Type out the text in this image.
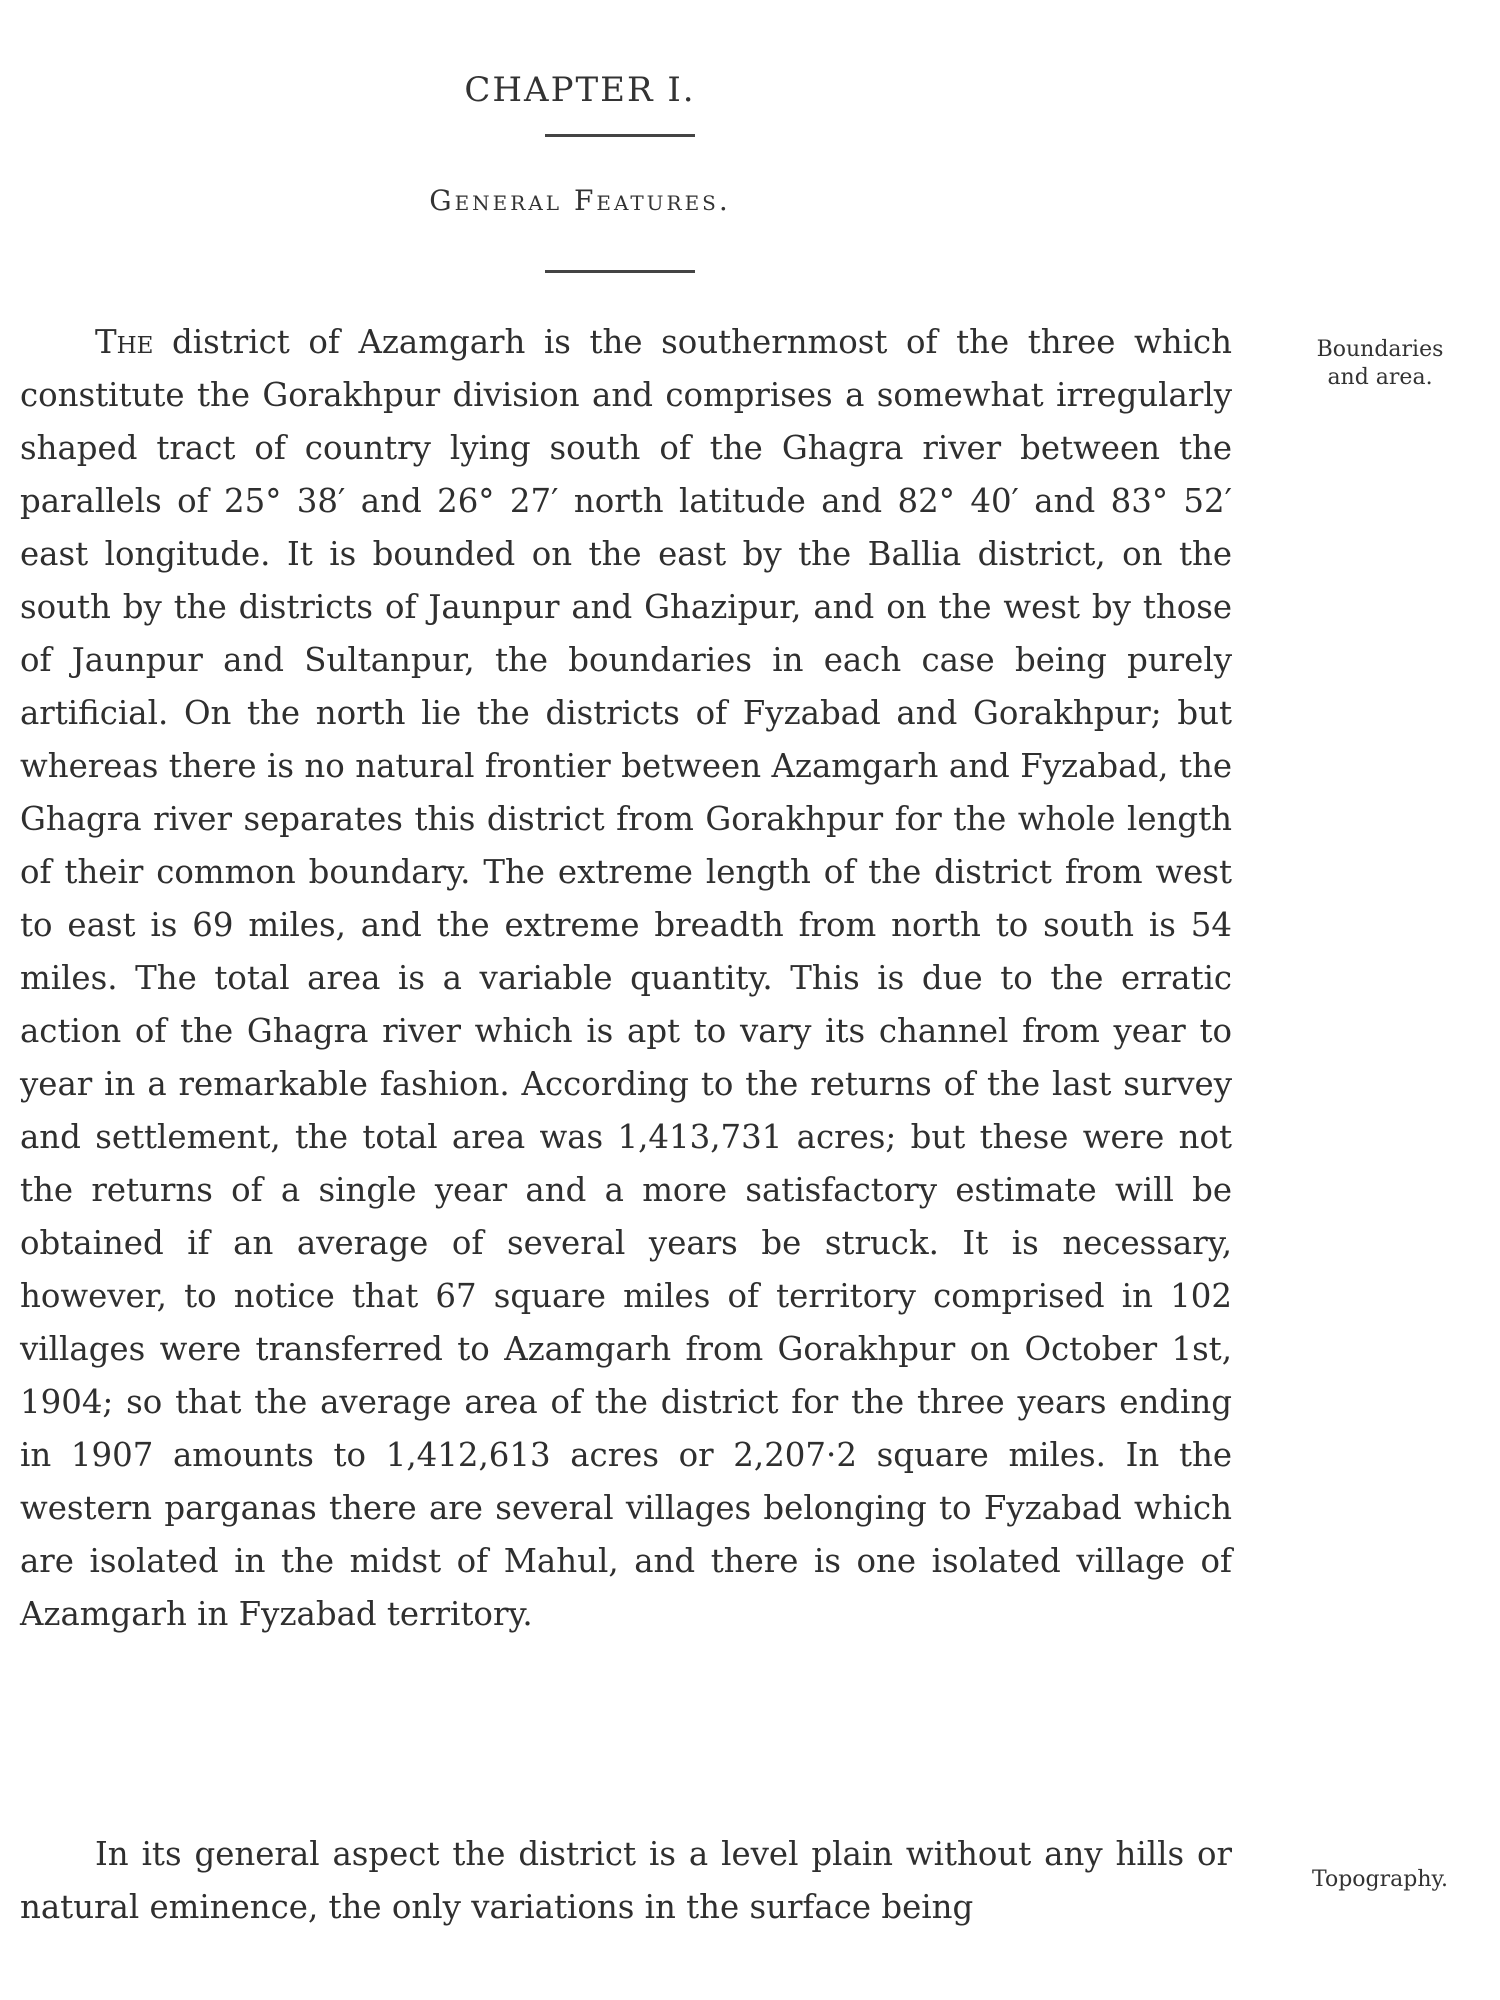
CHAPTER I.
General Features.
Boundaries
and area.

The district of Azamgarh is the southernmost of the three which constitute the Gorakhpur division and comprises a somewhat irregularly shaped tract of country lying south of the Ghagra river between the parallels of 25° 38′ and 26° 27′ north latitude and 82° 40′ and 83° 52′ east longitude. It is bounded on the east by the Ballia district, on the south by the districts of Jaunpur and Ghazipur, and on the west by those of Jaunpur and Sultanpur, the boundaries in each case being purely artificial. On the north lie the districts of Fyzabad and Gorakhpur; but whereas there is no natural frontier between Azamgarh and Fyzabad, the Ghagra river separates this district from Gorakhpur for the whole length of their common boundary. The extreme length of the district from west to east is 69 miles, and the extreme breadth from north to south is 54 miles. The total area is a variable quantity. This is due to the erratic action of the Ghagra river which is apt to vary its channel from year to year in a remarkable fashion. According to the returns of the last survey and settlement, the total area was 1,413,731 acres; but these were not the returns of a single year and a more satisfactory estimate will be obtained if an average of several years be struck. It is necessary, however, to notice that 67 square miles of territory comprised in 102 villages were transferred to Azamgarh from Gorakhpur on October 1st, 1904; so that the average area of the district for the three years ending in 1907 amounts to 1,412,613 acres or 2,207·2 square miles. In the western parganas there are several villages belonging to Fyzabad which are isolated in the midst of Mahul, and there is one isolated village of Azamgarh in Fyzabad territory.

Topography.

In its general aspect the district is a level plain without any hills or natural eminence, the only variations in the surface being
